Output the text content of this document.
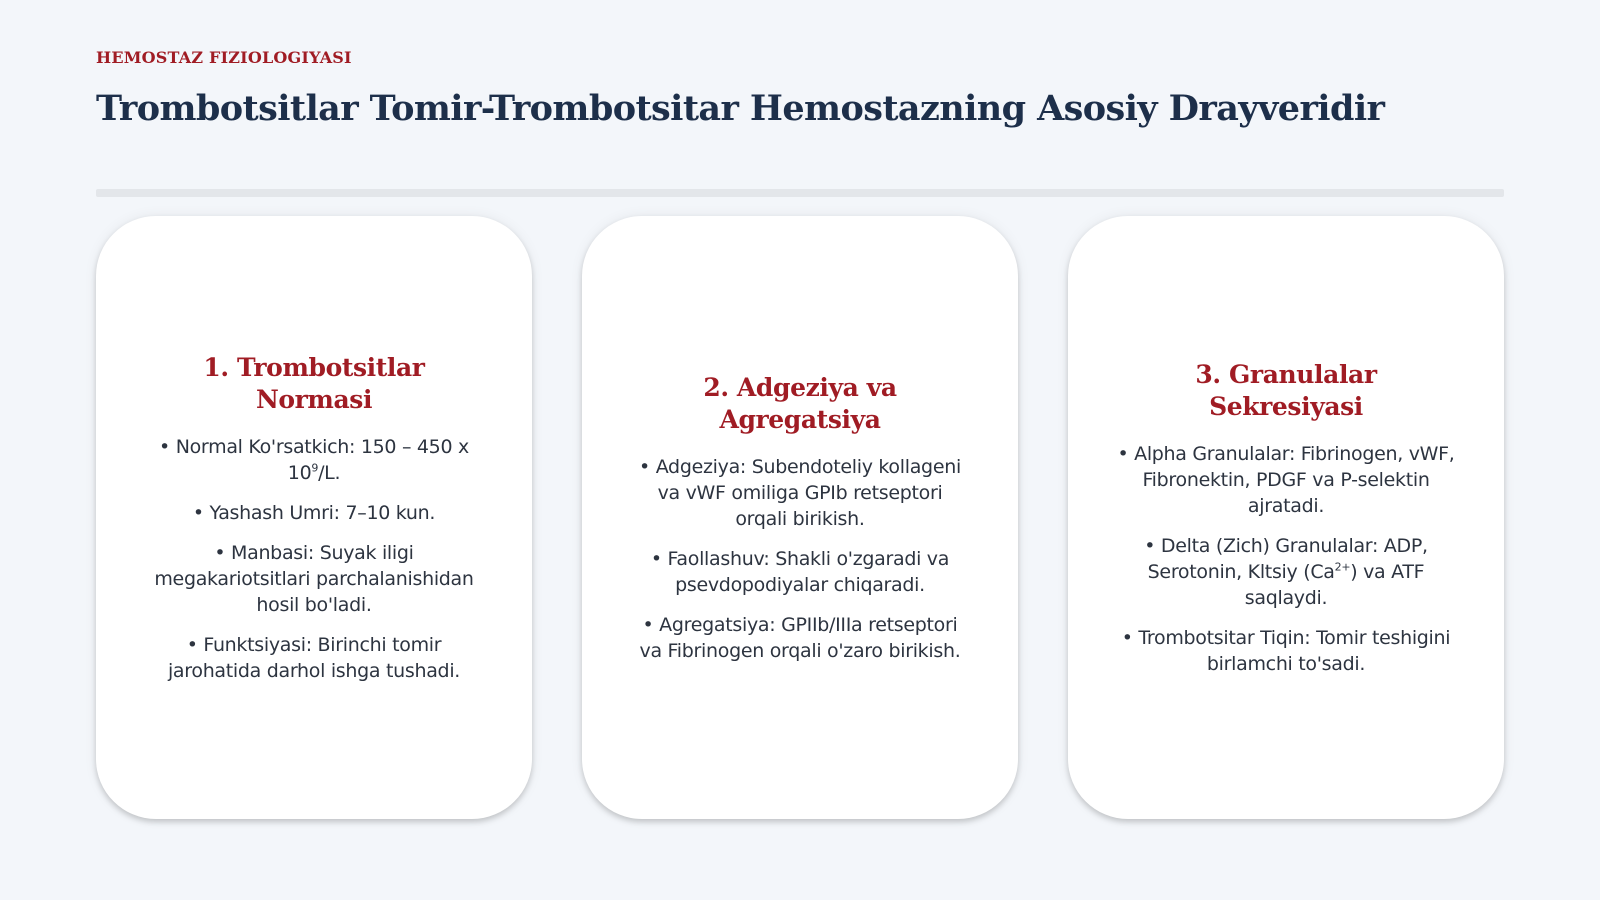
HEMOSTAZ FIZIOLOGIYASI
Trombotsitlar Tomir-Trombotsitar Hemostazning Asosiy Drayveridir
1. Trombotsitlar Normasi
• Normal Ko'rsatkich: 150 – 450 x $10^9/L$.
• Yashash Umri: 7–10 kun.
• Manbasi: Suyak iligi megakariotsitlari parchalanishidan hosil bo'ladi.
• Funktsiyasi: Birinchi tomir jarohatida darhol ishga tushadi.
2. Adgeziya va Agregatsiya
• Adgeziya: Subendoteliy kollageni va vWF omiliga GPIb retseptori orqali birikish.
• Faollashuv: Shakli o'zgaradi va psevdopodiyalar chiqaradi.
• Agregatsiya: GPIIb/IIIa retseptori va Fibrinogen orqali o'zaro birikish.
3. Granulalar Sekresiyasi
• Alpha Granulalar: Fibrinogen, vWF, Fibronektin, PDGF va P-selektin ajratadi.
• Delta (Zich) Granulalar: ADP, Serotonin, Kltsiy $(Ca^{2+})$ va ATF saqlaydi.
• Trombotsitar Tiqin: Tomir teshigini birlamchi to'sadi.
